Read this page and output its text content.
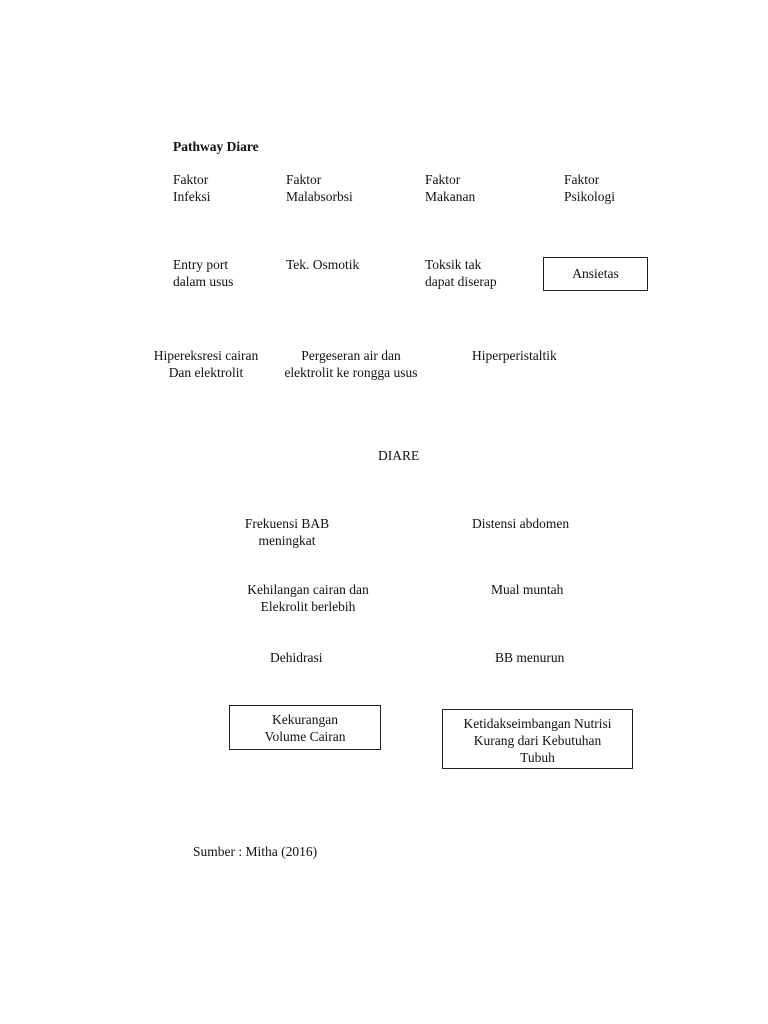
Pathway Diare
Faktor
Infeksi
Faktor
Malabsorbsi
Faktor
Makanan
Faktor
Psikologi
Entry port
dalam usus
Tek. Osmotik	Toksik tak
dapat diserap
Ansietas
Hipereksresi cairan
Dan elektrolit
Pergeseran air dan
elektrolit ke rongga usus
Hiperperistaltik
DIARE
Frekuensi BAB
meningkat
Kehilangan cairan dan
Elekrolit berlebih
Dehidrasi
Kekurangan
Volume Cairan
Distensi abdomen
Mual muntah
BB menurun
Ketidakseimbangan Nutrisi
Kurang dari Kebutuhan
Tubuh
Sumber : Mitha (2016)
